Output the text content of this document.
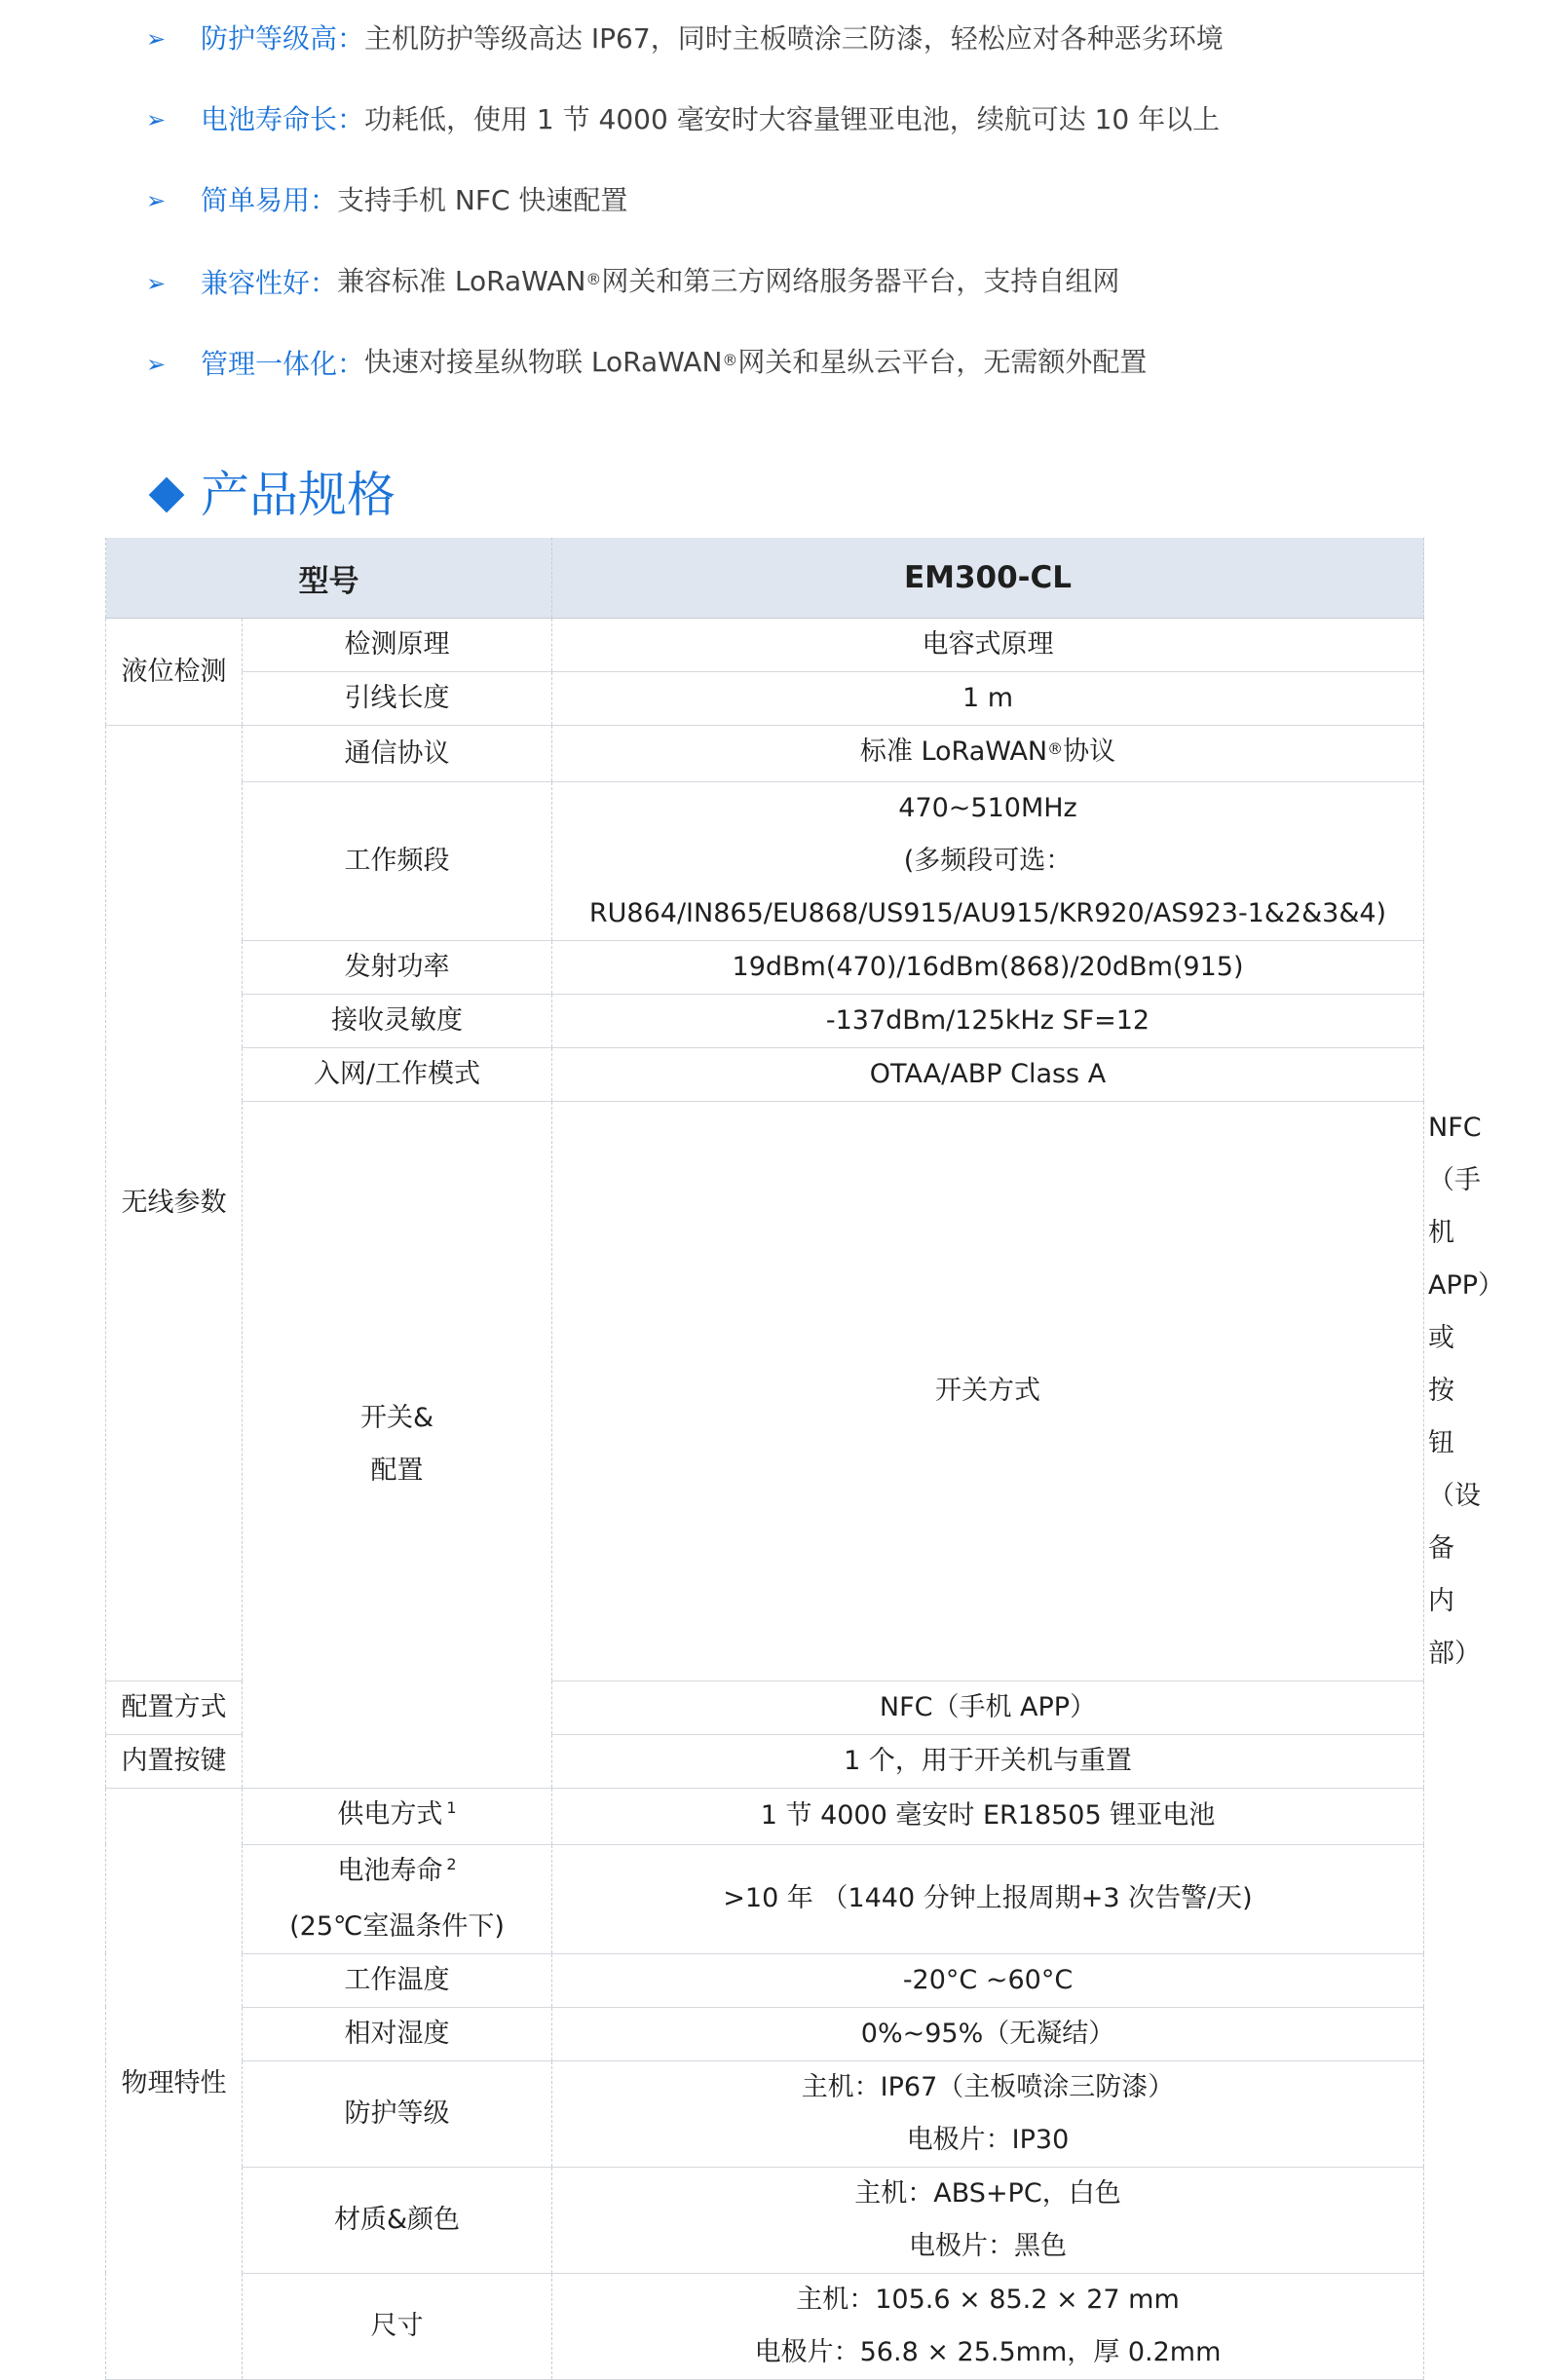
➢	防护等级高： 主机防护等级高达 IP67，同时主板喷涂三防漆，轻松应对各种恶劣环境
➢	电池寿命长： 功耗低，使用 1 节 4000 毫安时大容量锂亚电池，续航可达 10 年以上
➢	简单易用： 支持手机 NFC 快速配置
➢	兼容性好： 兼容标准 LoRaWAN®网关和第三方网络服务器平台，支持自组网
➢	管理一体化： 快速对接星纵物联 LoRaWAN®网关和星纵云平台，无需额外配置
产品规格
型号		EM300-CL	
液位检测	检测原理	电容式原理	
	引线长度	1 m	
无线参数	通信协议	标准 LoRaWAN®协议	
	工作频段	470~510MHz
(多频段可选：
RU864/IN865/EU868/US915/AU915/KR920/AS923-1&2&3&4)	

	发射功率	19dBm(470)/16dBm(868)/20dBm(915)	
	接收灵敏度	-137dBm/125kHz SF=12	
	入网/工作模式	OTAA/ABP Class A	

	开关&
配置	开关方式	NFC（手机 APP）或按钮（设备内部）
配置方式		NFC（手机 APP）	
内置按键		1 个，用于开关机与重置	
物理特性	供电方式 $^1$	1 节 4000 毫安时 ER18505 锂亚电池	

	电池寿命 $^2$
(25℃室温条件下)	>10 年 （1440 分钟上报周期+3 次告警/天)	
	工作温度	-20°C ~60°C	
	相对湿度	0%~95%（无凝结）	
	防护等级	主机：IP67（主板喷涂三防漆）
电极片：IP30	

	材质&颜色	主机：ABS+PC，白色
电极片：黑色	

	尺寸	主机：105.6 × 85.2 × 27 mm
电极片：56.8 × 25.5mm，厚 0.2mm	
